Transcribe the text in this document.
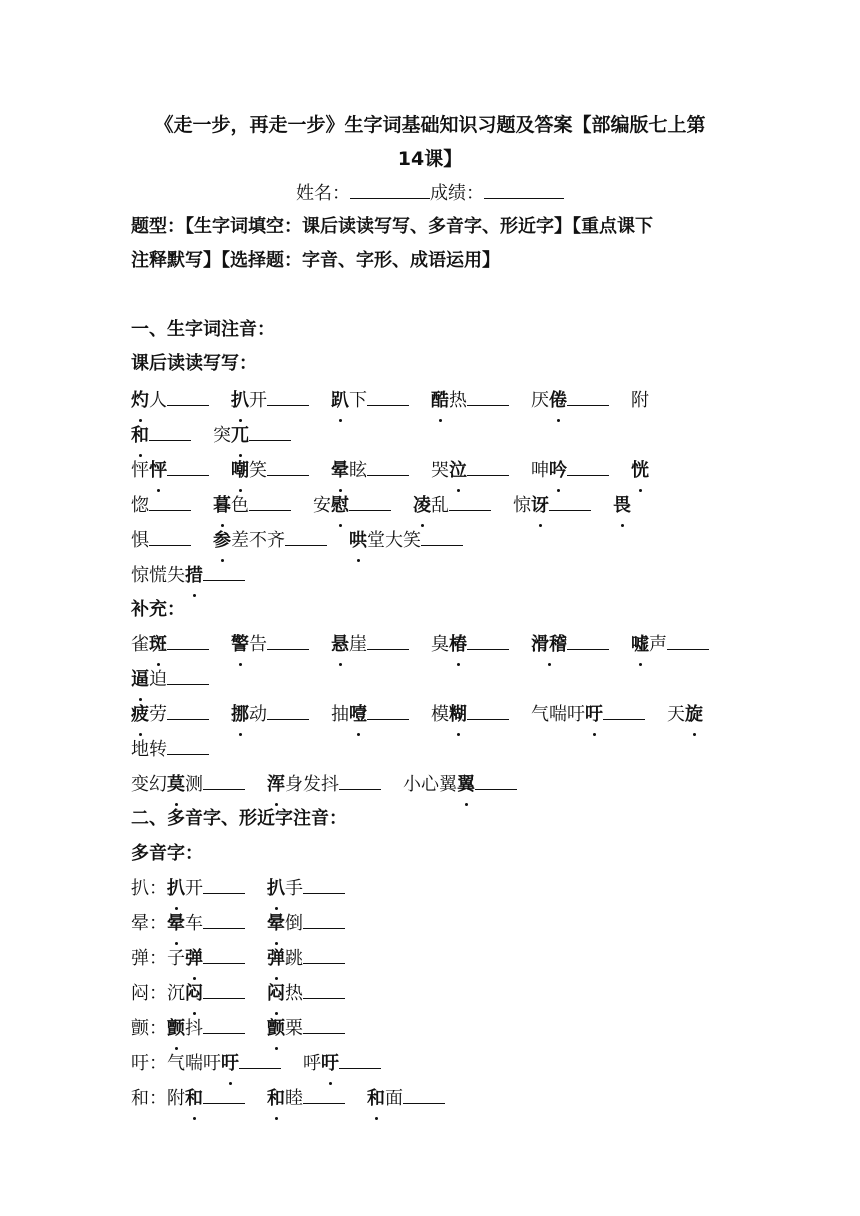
《走一步，再走一步》生字词基础知识习题及答案【部编版七上第
14课】
姓名：	成绩：
题型：【生字词填空：课后读读写写、多音字、形近字】【重点课下
注释默写】【选择题：字音、字形、成语运用】
一、生字词注音：
课后读读写写：
灼人	扒开	趴下	酷热	厌倦	附
和	突兀
怦怦	嘲笑	晕眩	哭泣	呻吟	恍
惚	暮色	安慰	凌乱	惊讶	畏
惧	参差不齐	哄堂大笑
惊慌失措
补充：
雀斑	警告	悬崖	臭椿	滑稽	嘘声
逼迫
疲劳	挪动	抽噎	模糊	气喘吁吁	天旋
地转
变幻莫测	浑身发抖	小心翼翼
二、多音字、形近字注音：
多音字：
扒：扒开	扒手
晕：晕车	晕倒
弹：子弹	弹跳
闷：沉闷	闷热
颤：颤抖	颤栗
吁：气喘吁吁	呼吁
和：附和	和睦	和面
